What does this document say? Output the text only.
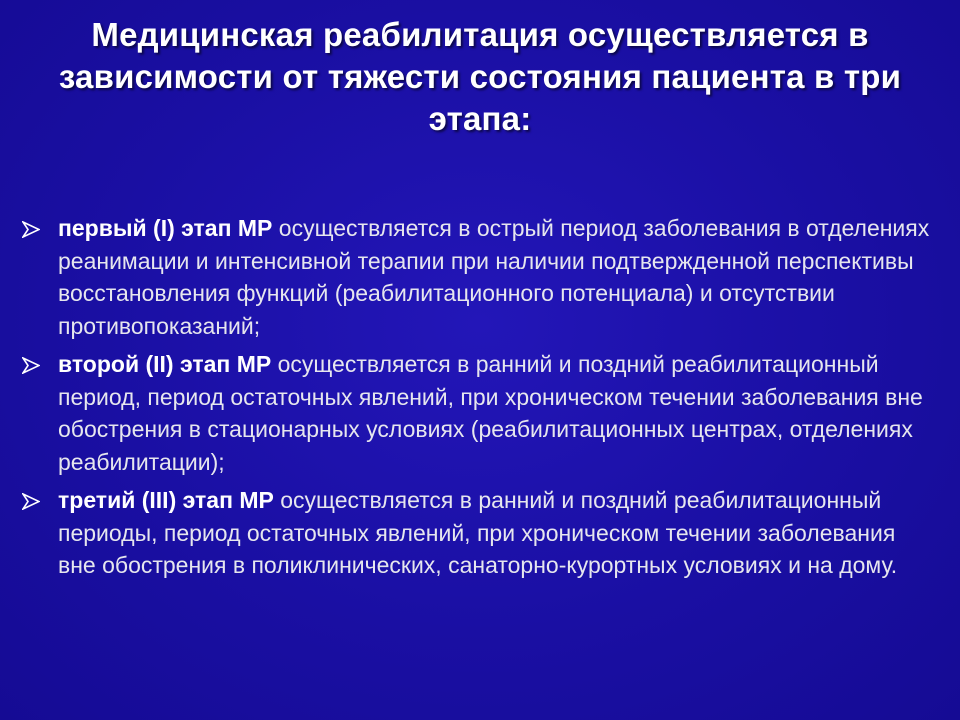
Медицинская реабилитация осуществляется в зависимости от тяжести состояния пациента в три этапа:
первый (I) этап МР осуществляется в острый период заболевания в отделениях реанимации и интенсивной терапии при наличии подтвержденной перспективы восстановления функций (реабилитационного потенциала) и отсутствии противопоказаний;
второй (II) этап МР осуществляется в ранний и поздний реабилитационный период, период остаточных явлений, при хроническом течении заболевания вне обострения в стационарных условиях (реабилитационных центрах, отделениях реабилитации);
третий (III) этап МР осуществляется в ранний и поздний реабилитационный периоды, период остаточных явлений, при хроническом течении заболевания вне обострения в поликлинических, санаторно-курортных условиях и на дому.
